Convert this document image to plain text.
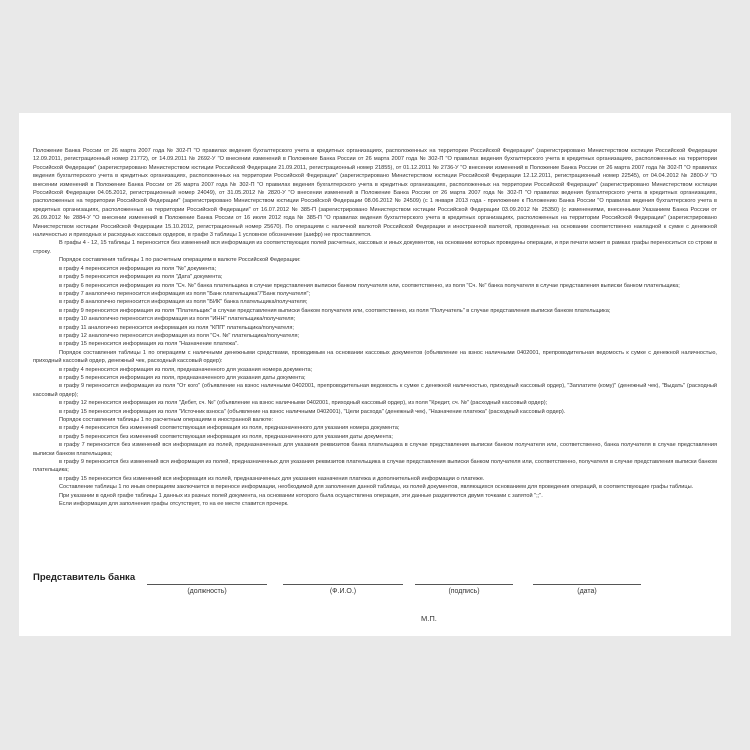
Положение Банка России от 26 марта 2007 года № 302-П "О правилах ведения бухгалтерского учета в кредитных организациях, расположенных на территории Российской Федерации" (зарегистрировано Министерством юстиции Российской Федерации 12.09.2011, регистрационный номер 21772), от 14.09.2011 № 2692-У "О внесении изменений в Положение Банка России от 26 марта 2007 года № 302-П "О правилах ведения бухгалтерского учета в кредитных организациях, расположенных на территории Российской Федерации" (зарегистрировано Министерством юстиции Российской Федерации 21.09.2011, регистрационный номер 21855), от 01.12.2011 № 2736-У "О внесении изменений в Положение Банка России от 26 марта 2007 года № 302-П "О правилах ведения бухгалтерского учета в кредитных организациях, расположенных на территории Российской Федерации" (зарегистрировано Министерством юстиции Российской Федерации 12.12.2011, регистрационный номер 22545), от 04.04.2012 № 2800-У "О внесении изменений в Положение Банка России от 26 марта 2007 года № 302-П "О правилах ведения бухгалтерского учета в кредитных организациях, расположенных на территории Российской Федерации" (зарегистрировано Министерством юстиции Российской Федерации 04.05.2012, регистрационный номер 24049), от 31.05.2012 № 2820-У "О внесении изменений в Положение Банка России от 26 марта 2007 года № 302-П "О правилах ведения бухгалтерского учета в кредитных организациях, расположенных на территории Российской Федерации" (зарегистрировано Министерством юстиции Российской Федерации 08.06.2012 № 24509) (с 1 января 2013 года - приложение к Положению Банка России "О правилах ведения бухгалтерского учета в кредитных организациях, расположенных на территории Российской Федерации" от 16.07.2012 № 385-П (зарегистрировано Министерством юстиции Российской Федерации 03.09.2012 № 25350) (с изменениями, внесенными Указанием Банка России от 26.09.2012 № 2884-У "О внесении изменений в Положение Банка России от 16 июля 2012 года № 385-П "О правилах ведения бухгалтерского учета в кредитных организациях, расположенных на территории Российской Федерации" (зарегистрировано Министерством юстиции Российской Федерации 15.10.2012, регистрационный номер 25670). По операциям с наличной валютой Российской Федерации и иностранной валютой, проведенных на основании соответственно накладной к сумке с денежной наличностью и приходных и расходных кассовых ордеров, в графе 3 таблицы 1 условное обозначение (шифр) не проставляется.

В графы 4 - 12, 15 таблицы 1 переносится без изменений вся информация из соответствующих полей расчетных, кассовых и иных документов, на основании которых проведены операции, и при печати может в рамках графы переноситься со строки в строку.

Порядок составления таблицы 1 по расчетным операциям в валюте Российской Федерации:

в графу 4 переносится информация из поля "№" документа;

в графу 5 переносится информация из поля "Дата" документа;

в графу 6 переносится информация из поля "Сч. №" банка плательщика в случае представления выписки банком получателя или, соответственно, из поля "Сч. №" банка получателя в случае представления выписки банком плательщика;

в графу 7 аналогично переносится информация из поля "Банк плательщика"/"Банк получателя";

в графу 8 аналогично переносится информация из поля "БИК" банка плательщика/получателя;

в графу 9 переносится информация из поля "Плательщик" в случае представления выписки банком получателя или, соответственно, из поля "Получатель" в случае представления выписки банком плательщика;

в графу 10 аналогично переносится информация из поля "ИНН" плательщика/получателя;

в графу 11 аналогично переносится информация из поля "КПП" плательщика/получателя;

в графу 12 аналогично переносится информация из поля "Сч. №" плательщика/получателя;

в графу 15 переносится информация из поля "Назначение платежа".

Порядок составления таблицы 1 по операциям с наличными денежными средствами, проводимым на основании кассовых документов (объявление на взнос наличными 0402001, препроводительная ведомость к сумке с денежной наличностью, приходный кассовый ордер, денежный чек, расходный кассовый ордер):

в графу 4 переносится информация из поля, предназначенного для указания номера документа;

в графу 5 переносится информация из поля, предназначенного для указания даты документа;

в графу 9 переносится информация из поля "От кого" (объявление на взнос наличными 0402001, препроводительная ведомость к сумке с денежной наличностью, приходный кассовый ордер), "Заплатите (кому)" (денежный чек), "Выдать" (расходный кассовый ордер);

в графу 12 переносится информация из поля "Дебет, сч. №" (объявление на взнос наличными 0402001, приходный кассовый ордер), из поля "Кредит, сч. №" (расходный кассовый ордер);

в графу 15 переносится информация из поля "Источник взноса" (объявление на взнос наличными 0402001), "Цели расхода" (денежный чек), "Назначение платежа" (расходный кассовый ордер).

Порядок составления таблицы 1 по расчетным операциям в иностранной валюте:

в графу 4 переносится без изменений соответствующая информация из поля, предназначенного для указания номера документа;

в графу 5 переносится без изменений соответствующая информация из поля, предназначенного для указания даты документа;

в графу 7 переносится без изменений вся информация из полей, предназначенных для указания реквизитов банка плательщика в случае представления выписки банком получателя или, соответственно, банка получателя в случае представления выписки банком плательщика;

в графу 9 переносится без изменений вся информация из полей, предназначенных для указания реквизитов плательщика в случае представления выписки банком получателя или, соответственно, получателя в случае представления выписки банком плательщика;

в графу 15 переносится без изменений вся информация из полей, предназначенных для указания назначения платежа и дополнительной информации о платеже.

Составление таблицы 1 по иным операциям заключается в переносе информации, необходимой для заполнения данной таблицы, из полей документов, являющихся основанием для проведения операций, в соответствующие графы таблицы.

При указании в одной графе таблицы 1 данных из разных полей документа, на основании которого была осуществлена операция, эти данные разделяются двумя точками с запятой ";;".

Если информация для заполнения графы отсутствует, то на ее месте ставится прочерк.

Представитель банка
(должность)	(Ф.И.О.)	(подпись)	(дата)
М.П.
